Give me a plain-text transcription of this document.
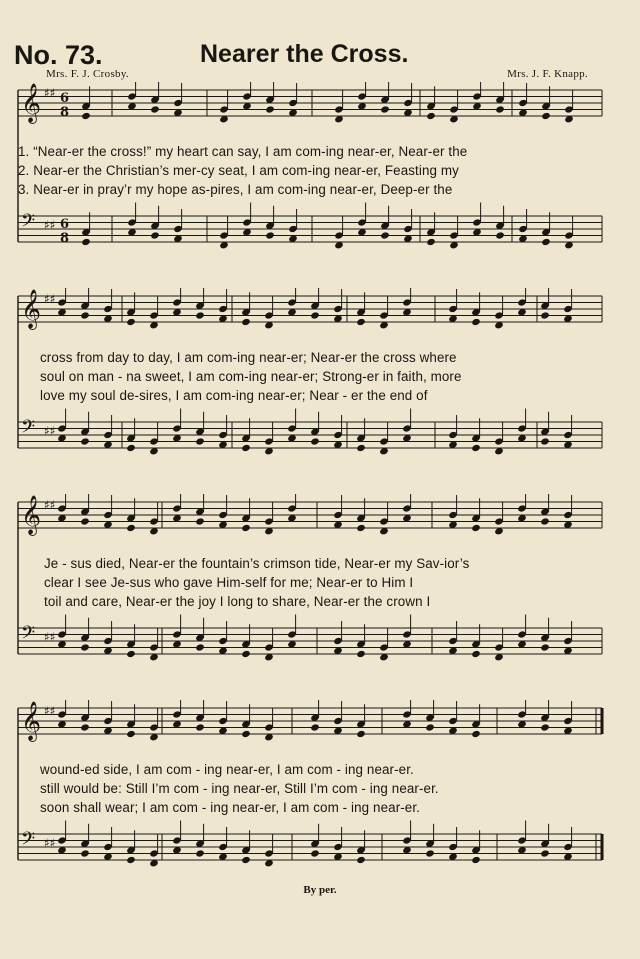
No. 73.	Nearer the Cross.
Mrs. F. J. Crosby.	Mrs. J. F. Knapp.
𝄞 ♯♯ 6
8
𝄢 ♯♯ 6
8
1. “Near-er the cross!” my heart can say, I am com-ing near-er, Near-er the
2. Near-er the Christian’s mer-cy seat, I am com-ing near-er, Feasting my
3. Near-er in pray’r my hope as-pires, I am com-ing near-er, Deep-er the
𝄞 ♯♯
𝄢 ♯♯
cross from day to day, I am com-ing near-er; Near-er the cross where
soul on man - na sweet, I am com-ing near-er; Strong-er in faith, more
love my soul de-sires, I am com-ing near-er; Near - er the end of
𝄞 ♯♯
𝄢 ♯♯
Je - sus died, Near-er the fountain’s crimson tide, Near-er my Sav-ior’s
clear I see Je-sus who gave Him-self for me; Near-er to Him I
toil and care, Near-er the joy I long to share, Near-er the crown I
𝄞 ♯♯
𝄢 ♯♯
wound-ed side, I am com - ing near-er, I am com - ing near-er.
still would be: Still I’m com - ing near-er, Still I’m com - ing near-er.
soon shall wear; I am com - ing near-er, I am com - ing near-er.
By per.
